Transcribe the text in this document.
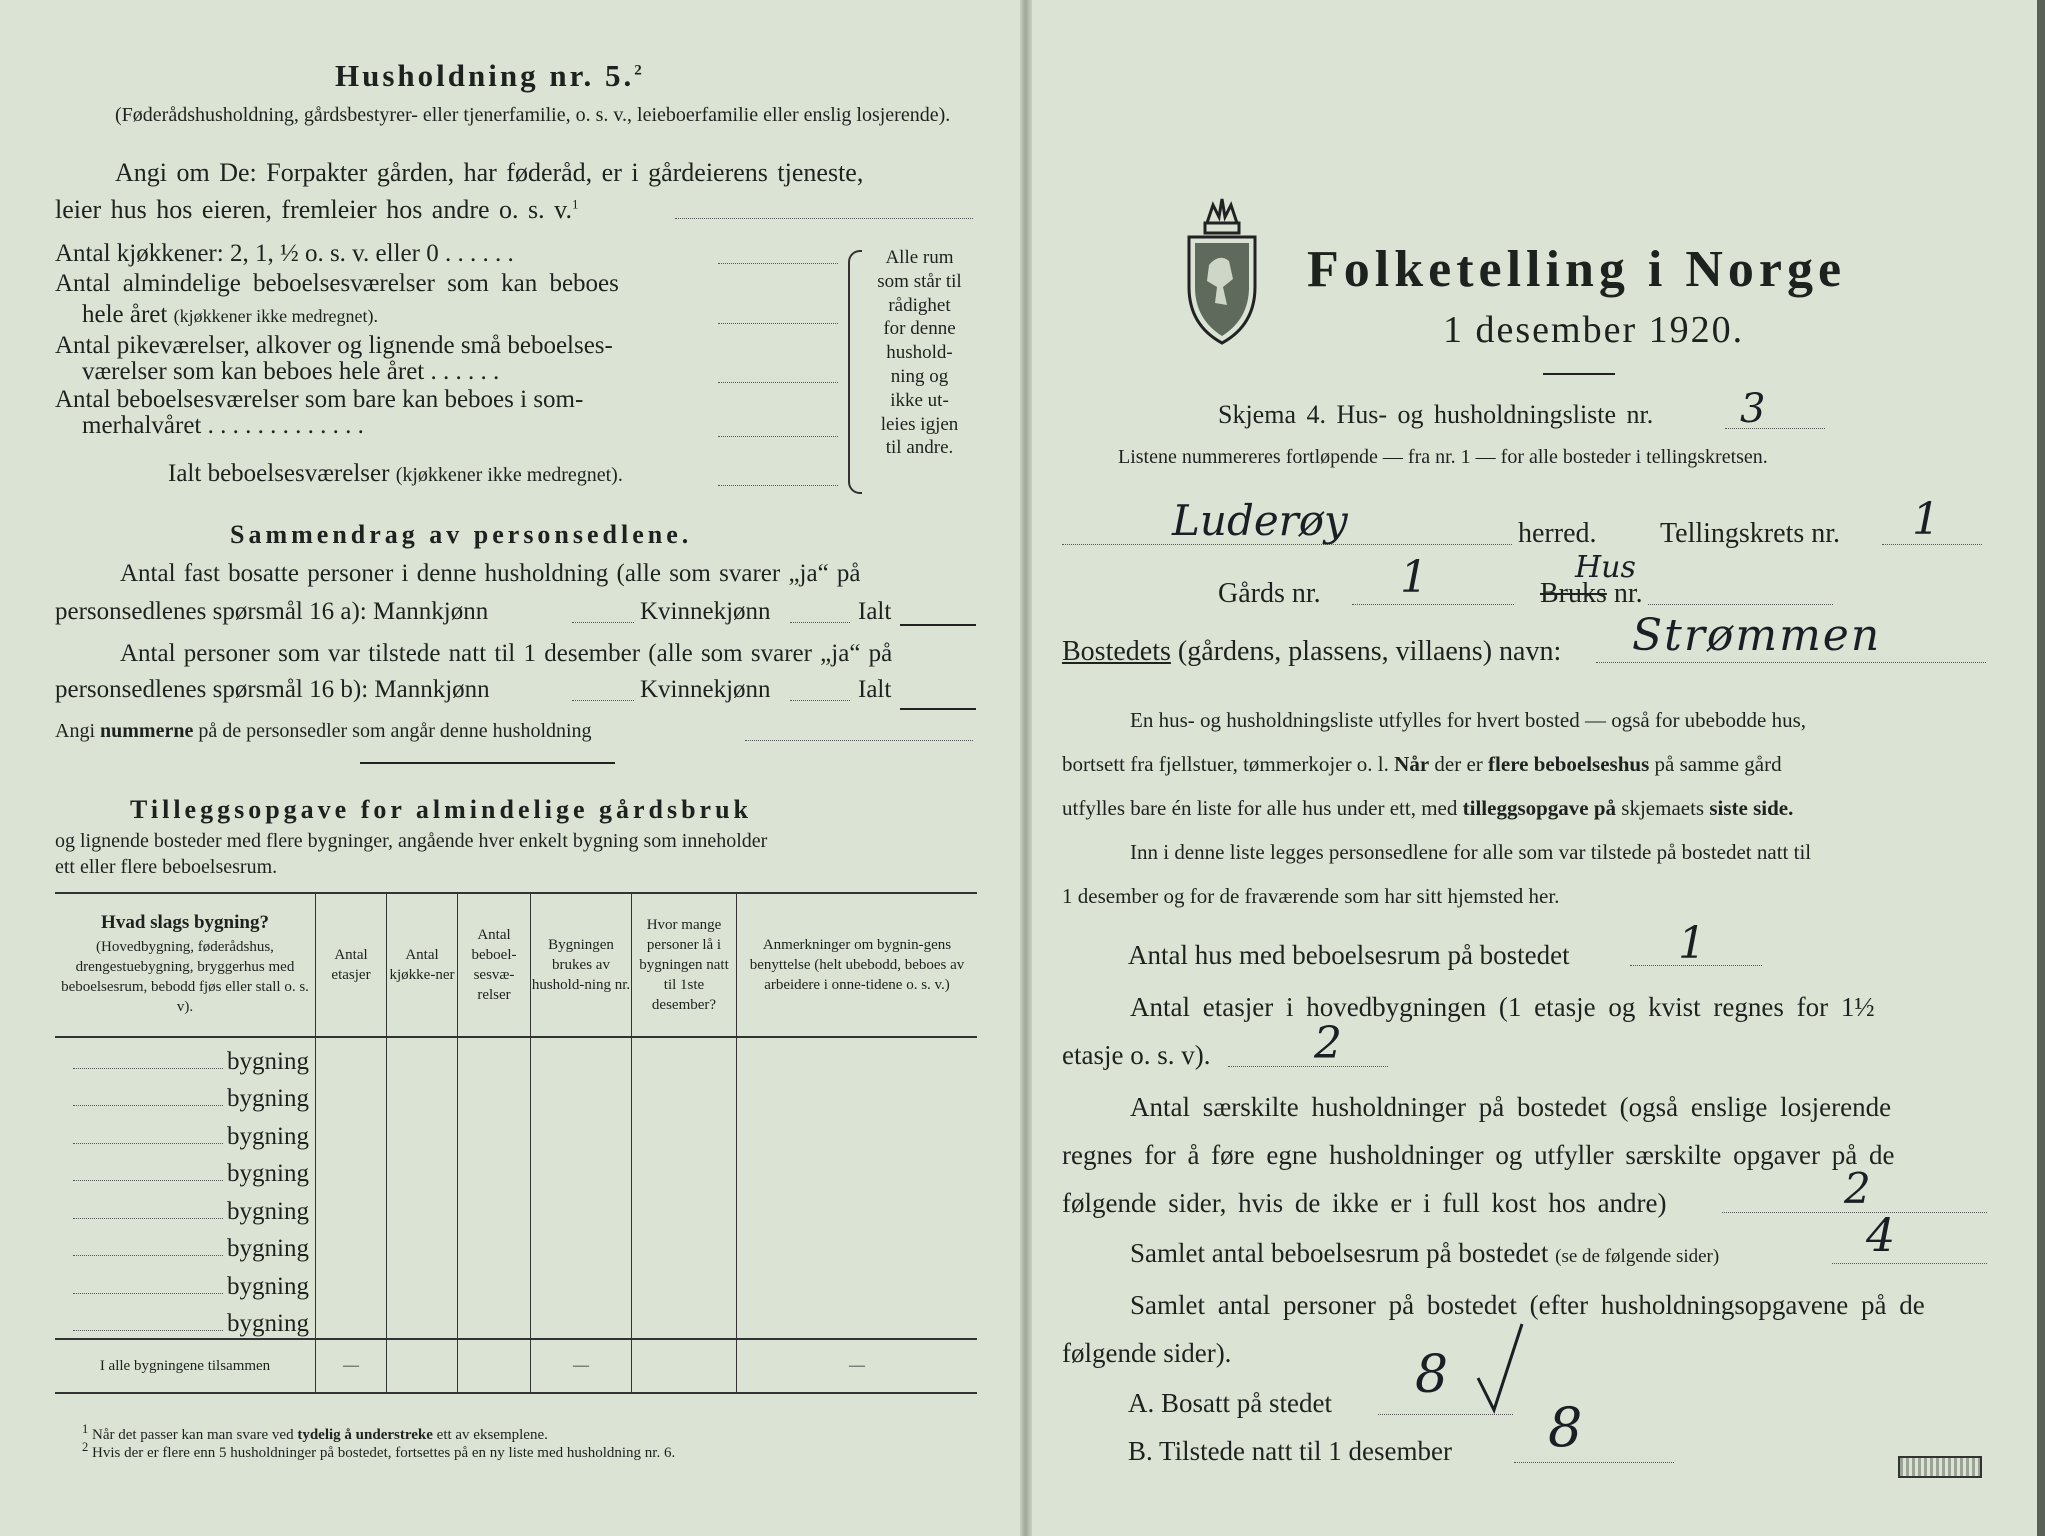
Husholdning nr. 5.$^2$
(Føderådshusholdning, gårdsbestyrer- eller tjenerfamilie, o. s. v., leieboerfamilie eller enslig losjerende).
Angi om De: Forpakter gården, har føderåd, er i gårdeierens tjeneste,
leier hus hos eieren, fremleier hos andre o. s. v.$^1$
Antal kjøkkener: 2, 1, ½ o. s. v. eller 0 . . . . . .
Antal almindelige beboelsesværelser som kan beboes
hele året (kjøkkener ikke medregnet).
Antal pikeværelser, alkover og lignende små beboelses-
værelser som kan beboes hele året . . . . . .
Antal beboelsesværelser som bare kan beboes i som-
merhalvåret . . . . . . . . . . . . .
Ialt beboelsesværelser (kjøkkener ikke medregnet).
Alle rum
som står til
rådighet
for denne
hushold-
ning og
ikke ut-
leies igjen
til andre.
Sammendrag av personsedlene.
Antal fast bosatte personer i denne husholdning (alle som svarer „ja“ på
personsedlenes spørsmål 16 a): Mannkjønn	Kvinnekjønn	Ialt
Antal personer som var tilstede natt til 1 desember (alle som svarer „ja“ på
personsedlenes spørsmål 16 b): Mannkjønn	Kvinnekjønn	Ialt
Angi nummerne på de personsedler som angår denne husholdning
Tilleggsopgave for almindelige gårdsbruk
og lignende bosteder med flere bygninger, angående hver enkelt bygning som inneholder
ett eller flere beboelsesrum.
Hvad slags bygning?
(Hovedbygning, føderådshus, drengestuebygning, bryggerhus med beboelsesrum, bebodd fjøs eller stall o. s. v).	Antal etasjer	Antal kjøkke-ner	Antal beboel-sesvæ-relser	Bygningen brukes av hushold-ning nr.	Hvor mange personer lå i bygningen natt til 1ste desember?	Anmerkninger om bygnin-gens benyttelse (helt ubebodd, beboes av arbeidere i onne-tidene o. s. v.)
bygning						
bygning						
bygning						
bygning						
bygning						
bygning						
bygning						
bygning						
I alle bygningene tilsammen	—			—		—
$^1$ Når det passer kan man svare ved tydelig å understreke ett av eksemplene.
$^2$ Hvis der er flere enn 5 husholdninger på bostedet, fortsettes på en ny liste med husholdning nr. 6.
Folketelling i Norge
1 desember 1920.
Skjema 4. Hus- og husholdningsliste nr. 3
Listene nummereres fortløpende — fra nr. 1 — for alle bosteder i tellingskretsen.
Luderøy	herred. Tellingskrets nr. 1
Gårds nr. 1	Bruks nr.
Hus
Bostedets (gårdens, plassens, villaens) navn: Strømmen
En hus- og husholdningsliste utfylles for hvert bosted — også for ubebodde hus,
bortsett fra fjellstuer, tømmerkojer o. l. Når der er flere beboelseshus på samme gård
utfylles bare én liste for alle hus under ett, med tilleggsopgave på skjemaets siste side.
Inn i denne liste legges personsedlene for alle som var tilstede på bostedet natt til
1 desember og for de fraværende som har sitt hjemsted her.
Antal hus med beboelsesrum på bostedet 1
Antal etasjer i hovedbygningen (1 etasje og kvist regnes for 1½
etasje o. s. v). 2
Antal særskilte husholdninger på bostedet (også enslige losjerende
regnes for å føre egne husholdninger og utfyller særskilte opgaver på de
følgende sider, hvis de ikke er i full kost hos andre)	2
Samlet antal beboelsesrum på bostedet (se de følgende sider)	4
Samlet antal personer på bostedet (efter husholdningsopgavene på de
følgende sider).
A. Bosatt på stedet 8
B. Tilstede natt til 1 desember 8
